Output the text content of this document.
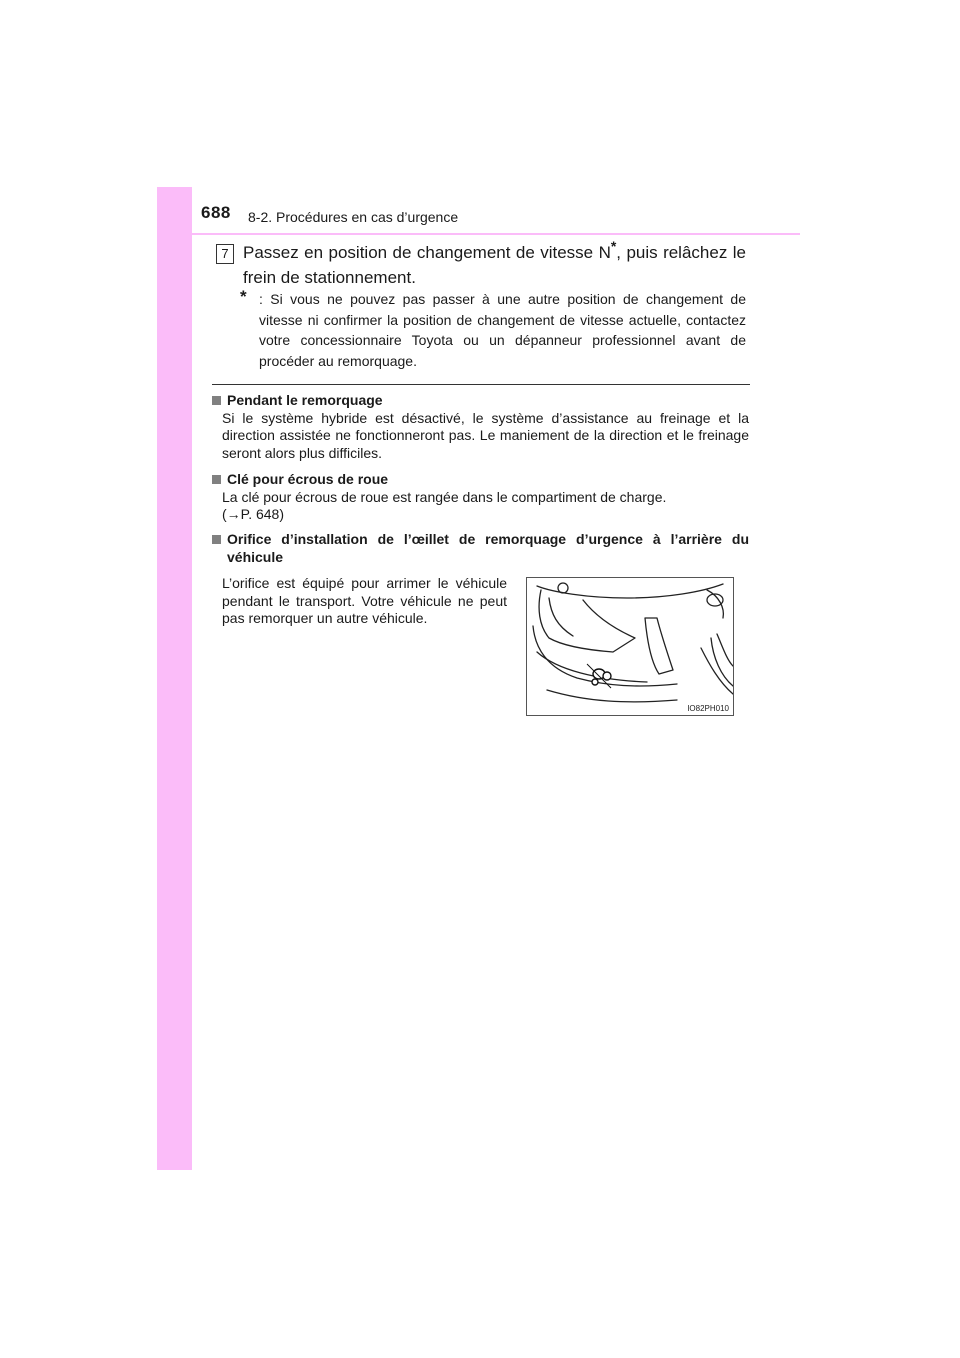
688 8-2. Procédures en cas d’urgence
7 Passez en position de changement de vitesse N*, puis relâchez le frein de stationnement.
* : Si vous ne pouvez pas passer à une autre position de changement de vitesse ni confirmer la position de changement de vitesse actuelle, contactez votre concessionnaire Toyota ou un dépanneur professionnel avant de procéder au remorquage.
Pendant le remorquage
Si le système hybride est désactivé, le système d’assistance au freinage et la direction assistée ne fonctionneront pas. Le maniement de la direction et le freinage seront alors plus difficiles.
Clé pour écrous de roue
La clé pour écrous de roue est rangée dans le compartiment de charge.
(→P. 648)
Orifice d’installation de l’œillet de remorquage d’urgence à l’arrière du véhicule
L’orifice est équipé pour arrimer le véhicule pendant le transport. Votre véhicule ne peut pas remorquer un autre véhicule.
IO82PH010
